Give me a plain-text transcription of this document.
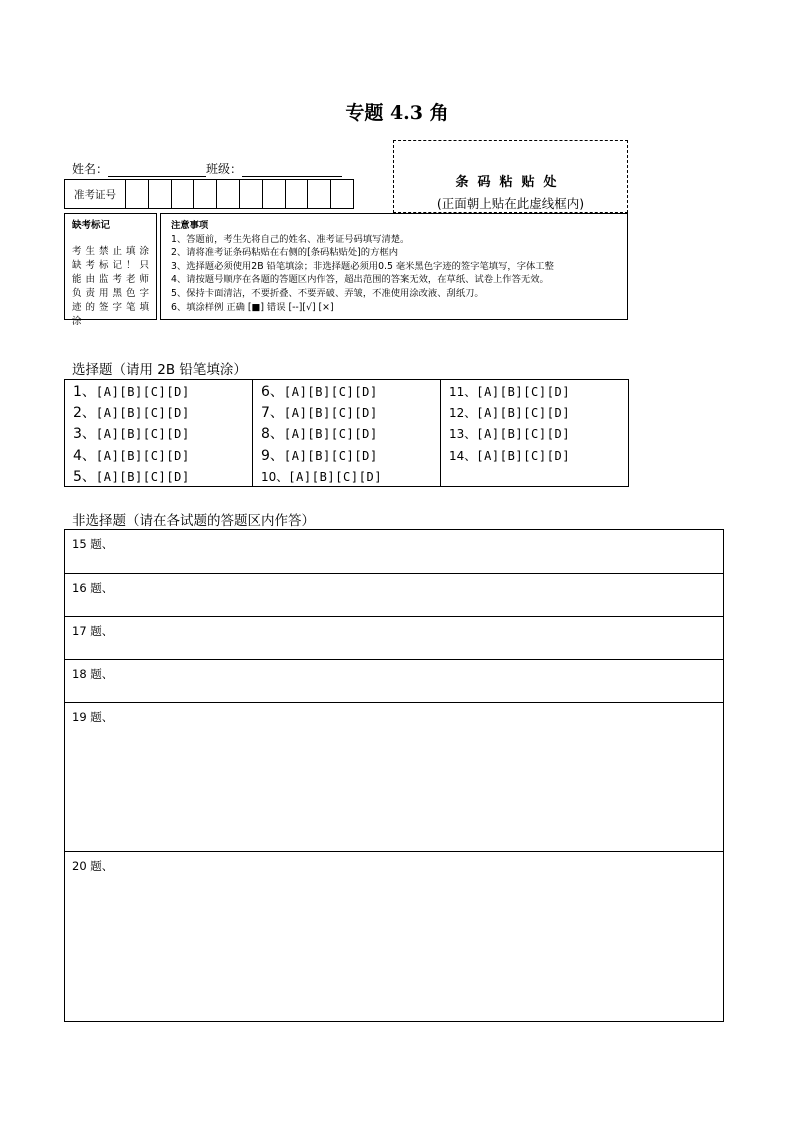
专题 4.3 角
姓名：	班级：
条码粘贴处
(正面朝上贴在此虚线框内)
准考证号
缺考标记
考生禁止填涂
缺考标记！只
能由监考老师
负责用黑色字
迹的签字笔填
涂
注意事项
1、答题前，考生先将自己的姓名、准考证号码填写清楚。
2、请将准考证条码粘贴在右侧的[条码粘贴处]的方框内
3、选择题必须使用2B 铅笔填涂；非选择题必须用0.5 毫米黑色字迹的签字笔填写，字体工整
4、请按题号顺序在各题的答题区内作答，超出范围的答案无效，在草纸、试卷上作答无效。
5、保持卡面清洁，不要折叠、不要弄破、弄皱，不准使用涂改液、刮纸刀。
6、填涂样例 正确 [■] 错误 [--][√] [×]
选择题（请用 2B 铅笔填涂）
1、[A][B][C][D]
2、[A][B][C][D]
3、[A][B][C][D]
4、[A][B][C][D]
5、[A][B][C][D]
6、[A][B][C][D]
7、[A][B][C][D]
8、[A][B][C][D]
9、[A][B][C][D]
10、[A][B][C][D]
11、[A][B][C][D]
12、[A][B][C][D]
13、[A][B][C][D]
14、[A][B][C][D]
非选择题（请在各试题的答题区内作答）
15 题、
16 题、
17 题、
18 题、
19 题、
20 题、
